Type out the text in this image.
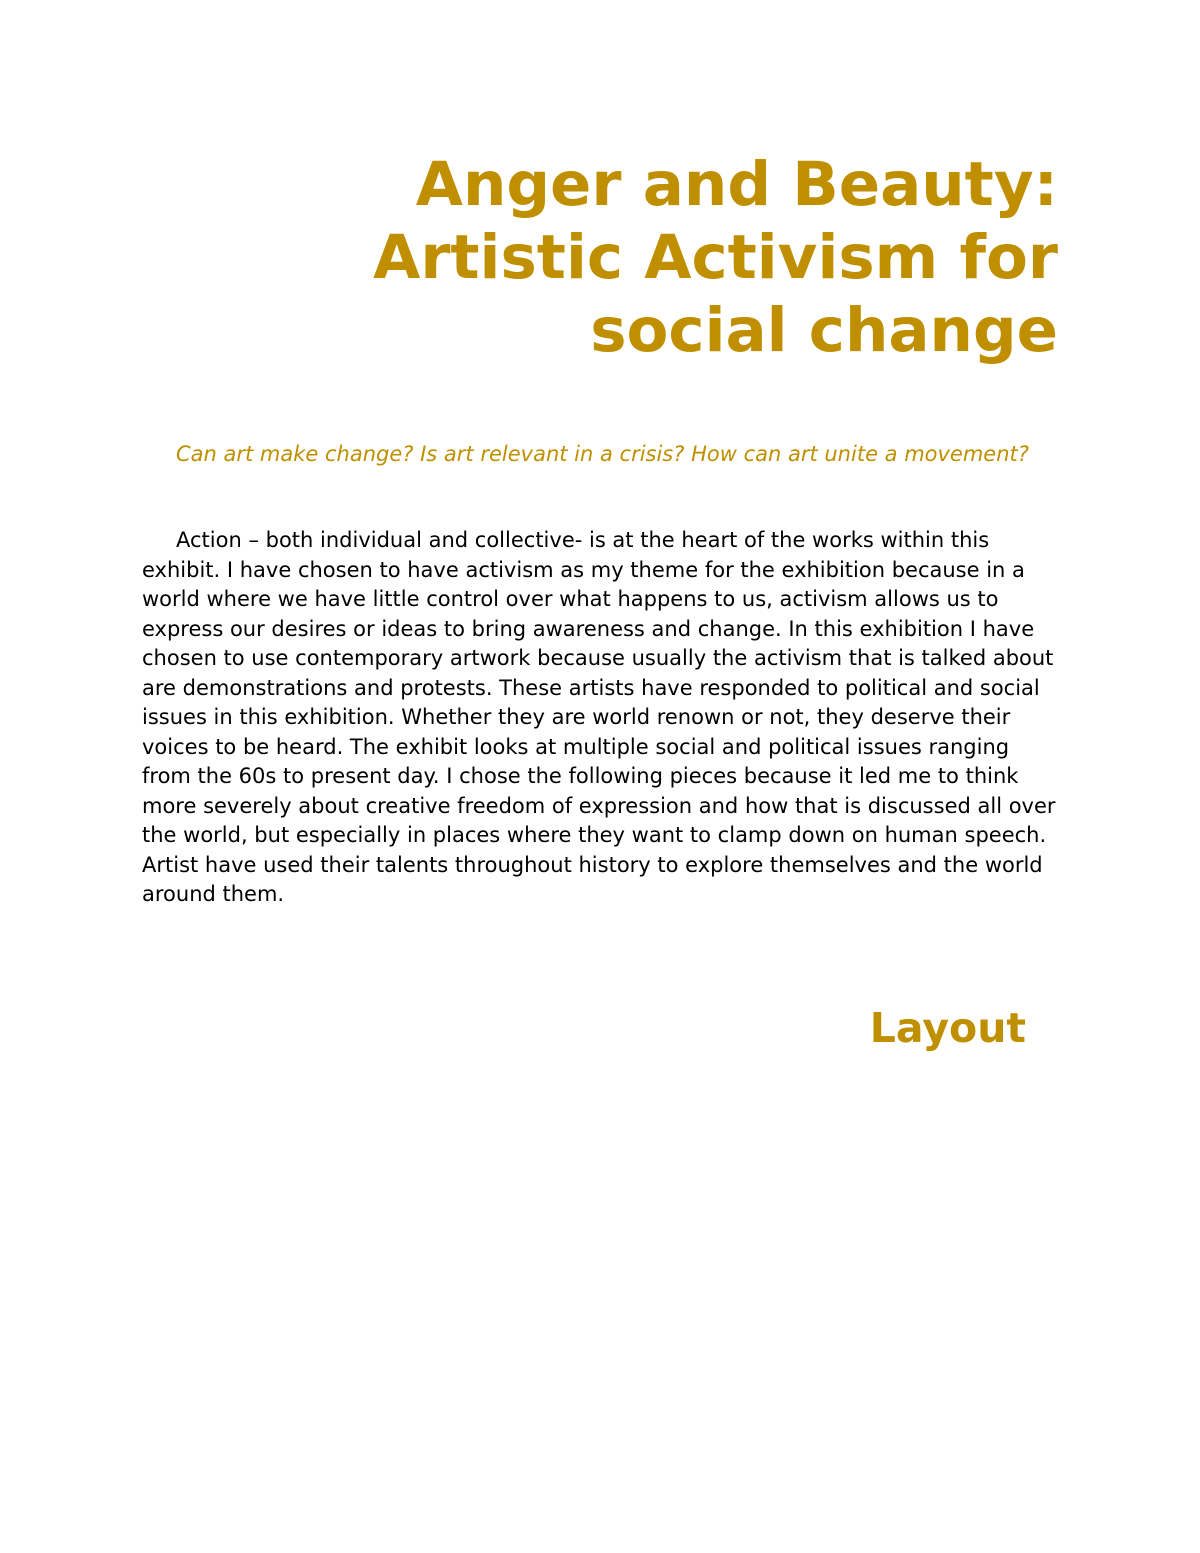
Anger and Beauty:
Artistic Activism for
social change

Can art make change? Is art relevant in a crisis? How can art unite a movement?

Action – both individual and collective- is at the heart of the works within this exhibit. I have chosen to have activism as my theme for the exhibition because in a world where we have little control over what happens to us, activism allows us to express our desires or ideas to bring awareness and change. In this exhibition I have chosen to use contemporary artwork because usually the activism that is talked about are demonstrations and protests. These artists have responded to political and social issues in this exhibition. Whether they are world renown or not, they deserve their voices to be heard. The exhibit looks at multiple social and political issues ranging from the 60s to present day. I chose the following pieces because it led me to think more severely about creative freedom of expression and how that is discussed all over the world, but especially in places where they want to clamp down on human speech. Artist have used their talents throughout history to explore themselves and the world around them.

Layout
